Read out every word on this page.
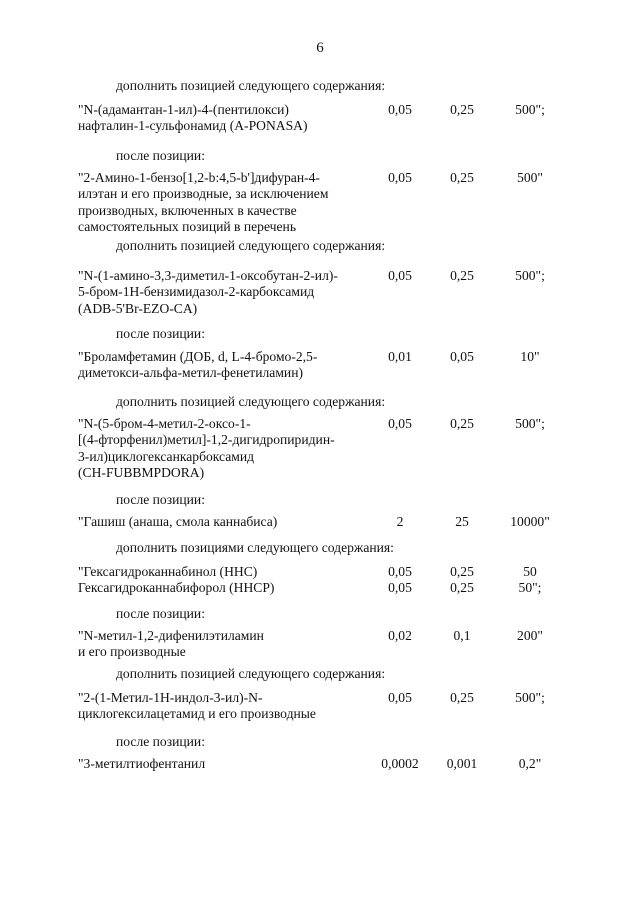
6
дополнить позицией следующего содержания:
"N-(адамантан-1-ил)-4-(пентилокси)
нафталин-1-сульфонамид (A-PONASA)
0,05	0,25	500";
после позиции:
"2-Амино-1-бензо[1,2-b:4,5-b']дифуран-4-
илэтан и его производные, за исключением
производных, включенных в качестве
самостоятельных позиций в перечень
0,05	0,25	500"
дополнить позицией следующего содержания:
"N-(1-амино-3,3-диметил-1-оксобутан-2-ил)-
5-бром-1Н-бензимидазол-2-карбоксамид
(ADB-5'Br-EZO-CA)
0,05	0,25	500";
после позиции:
"Броламфетамин (ДОБ, d, L-4-бромо-2,5-
диметокси-альфа-метил-фенетиламин)
0,01	0,05	10"
дополнить позицией следующего содержания:
"N-(5-бром-4-метил-2-оксо-1-
[(4-фторфенил)метил]-1,2-дигидропиридин-
3-ил)циклогексанкарбоксамид
(CH-FUBBMPDORA)
0,05	0,25	500";
после позиции:
"Гашиш (анаша, смола каннабиса)	2	25	10000"
дополнить позициями следующего содержания:
"Гексагидроканнабинол (HHC)
Гексагидроканнабифорол (HHCP)
0,05	0,25	50
0,05	0,25	50";
после позиции:
"N-метил-1,2-дифенилэтиламин
и его производные
0,02	0,1	200"
дополнить позицией следующего содержания:
"2-(1-Метил-1Н-индол-3-ил)-N-
циклогексилацетамид и его производные
0,05	0,25	500";
после позиции:
"3-метилтиофентанил	0,0002	0,001	0,2"
